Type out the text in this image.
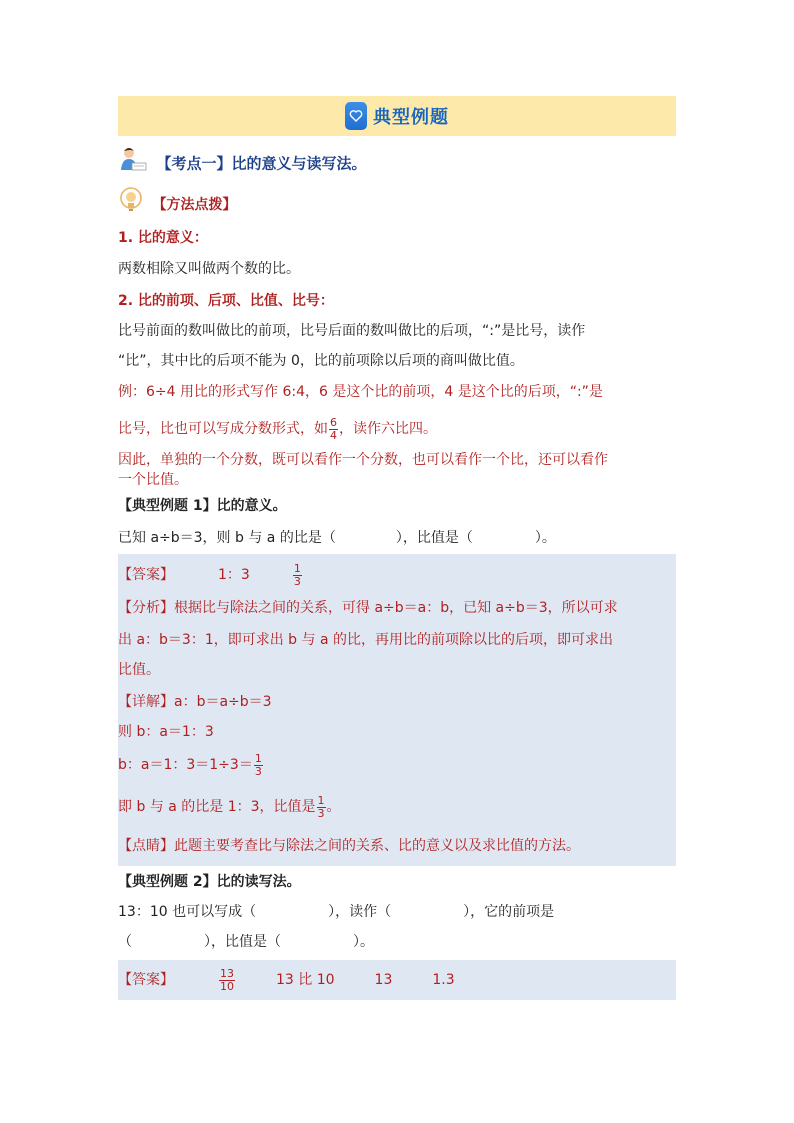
典型例题
【考点一】比的意义与读写法。
【方法点拨】
1. 比的意义：
两数相除又叫做两个数的比。
2. 比的前项、后项、比值、比号：
比号前面的数叫做比的前项，比号后面的数叫做比的后项，“:”是比号，读作
“比”，其中比的后项不能为 0，比的前项除以后项的商叫做比值。
例：6÷4 用比的形式写作 6:4，6 是这个比的前项，4 是这个比的后项，“:”是
比号，比也可以写成分数形式，如 $\frac{6}{4}$ ，读作六比四。
因此，单独的一个分数，既可以看作一个分数，也可以看作一个比，还可以看作
一个比值。
【典型例题 1】比的意义。
已知 a÷b＝3，则 b 与 a 的比是（	），比值是（	）。
【答案】	1：3	$\frac{1}{3}$
【分析】根据比与除法之间的关系，可得 a÷b＝a：b，已知 a÷b＝3，所以可求
出 a：b＝3：1，即可求出 b 与 a 的比，再用比的前项除以比的后项，即可求出
比值。
【详解】a：b＝a÷b＝3
则 b：a＝1：3
b：a＝1：$3=1\div 3= \frac{1}{3}$
即 b 与 a 的比是 1：3，比值是 $\frac{1}{3}$ 。
【点睛】此题主要考查比与除法之间的关系、比的意义以及求比值的方法。
【典型例题 2】比的读写法。
13：10 也可以写成（	），读作（	），它的前项是
（	），比值是（	）。
【答案】	$\frac{13}{10}$	13 比 10	13	1.3
